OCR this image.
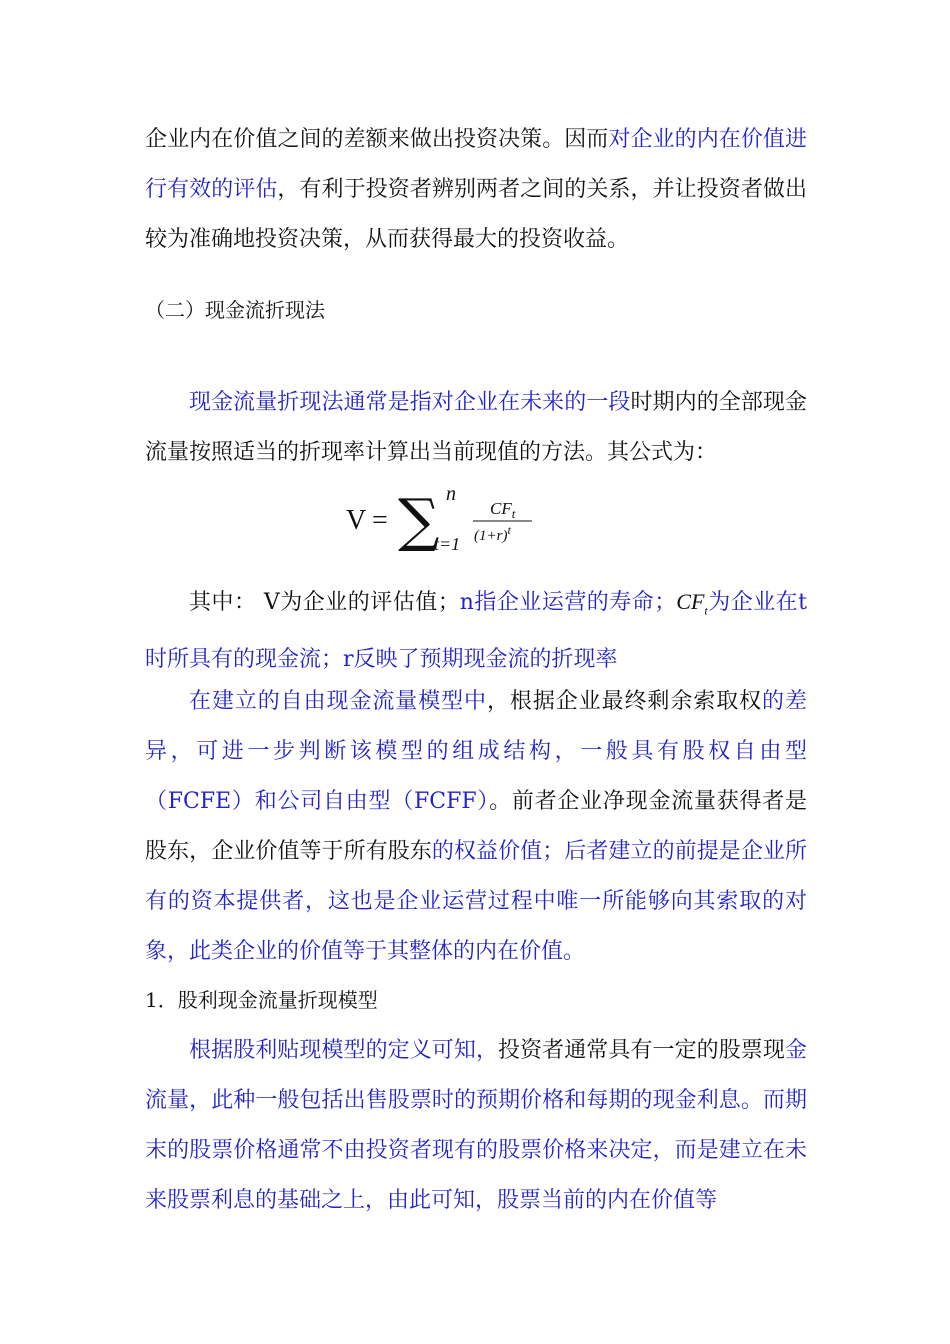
企业内在价值之间的差额来做出投资决策。因而对企业的内在价值进行有效的评估，有利于投资者辨别两者之间的关系，并让投资者做出较为准确地投资决策，从而获得最大的投资收益。

（二）现金流折现法

现金流量折现法通常是指对企业在未来的一段时期内的全部现金流量按照适当的折现率计算出当前现值的方法。其公式为：

V = ∑ n
t=1
$CF_t$
$(1+r)^t$

其中： V为企业的评估值；n指企业运营的寿命；$CF_t$为企业在t时所具有的现金流；r反映了预期现金流的折现率

在建立的自由现金流量模型中，根据企业最终剩余索取权的差异，可进一步判断该模型的组成结构，一般具有股权自由型（FCFE）和公司自由型（FCFF）。前者企业净现金流量获得者是股东，企业价值等于所有股东的权益价值；后者建立的前提是企业所有的资本提供者，这也是企业运营过程中唯一所能够向其索取的对象，此类企业的价值等于其整体的内在价值。

1．股利现金流量折现模型

根据股利贴现模型的定义可知，投资者通常具有一定的股票现金流量，此种一般包括出售股票时的预期价格和每期的现金利息。而期末的股票价格通常不由投资者现有的股票价格来决定，而是建立在未来股票利息的基础之上，由此可知，股票当前的内在价值等
